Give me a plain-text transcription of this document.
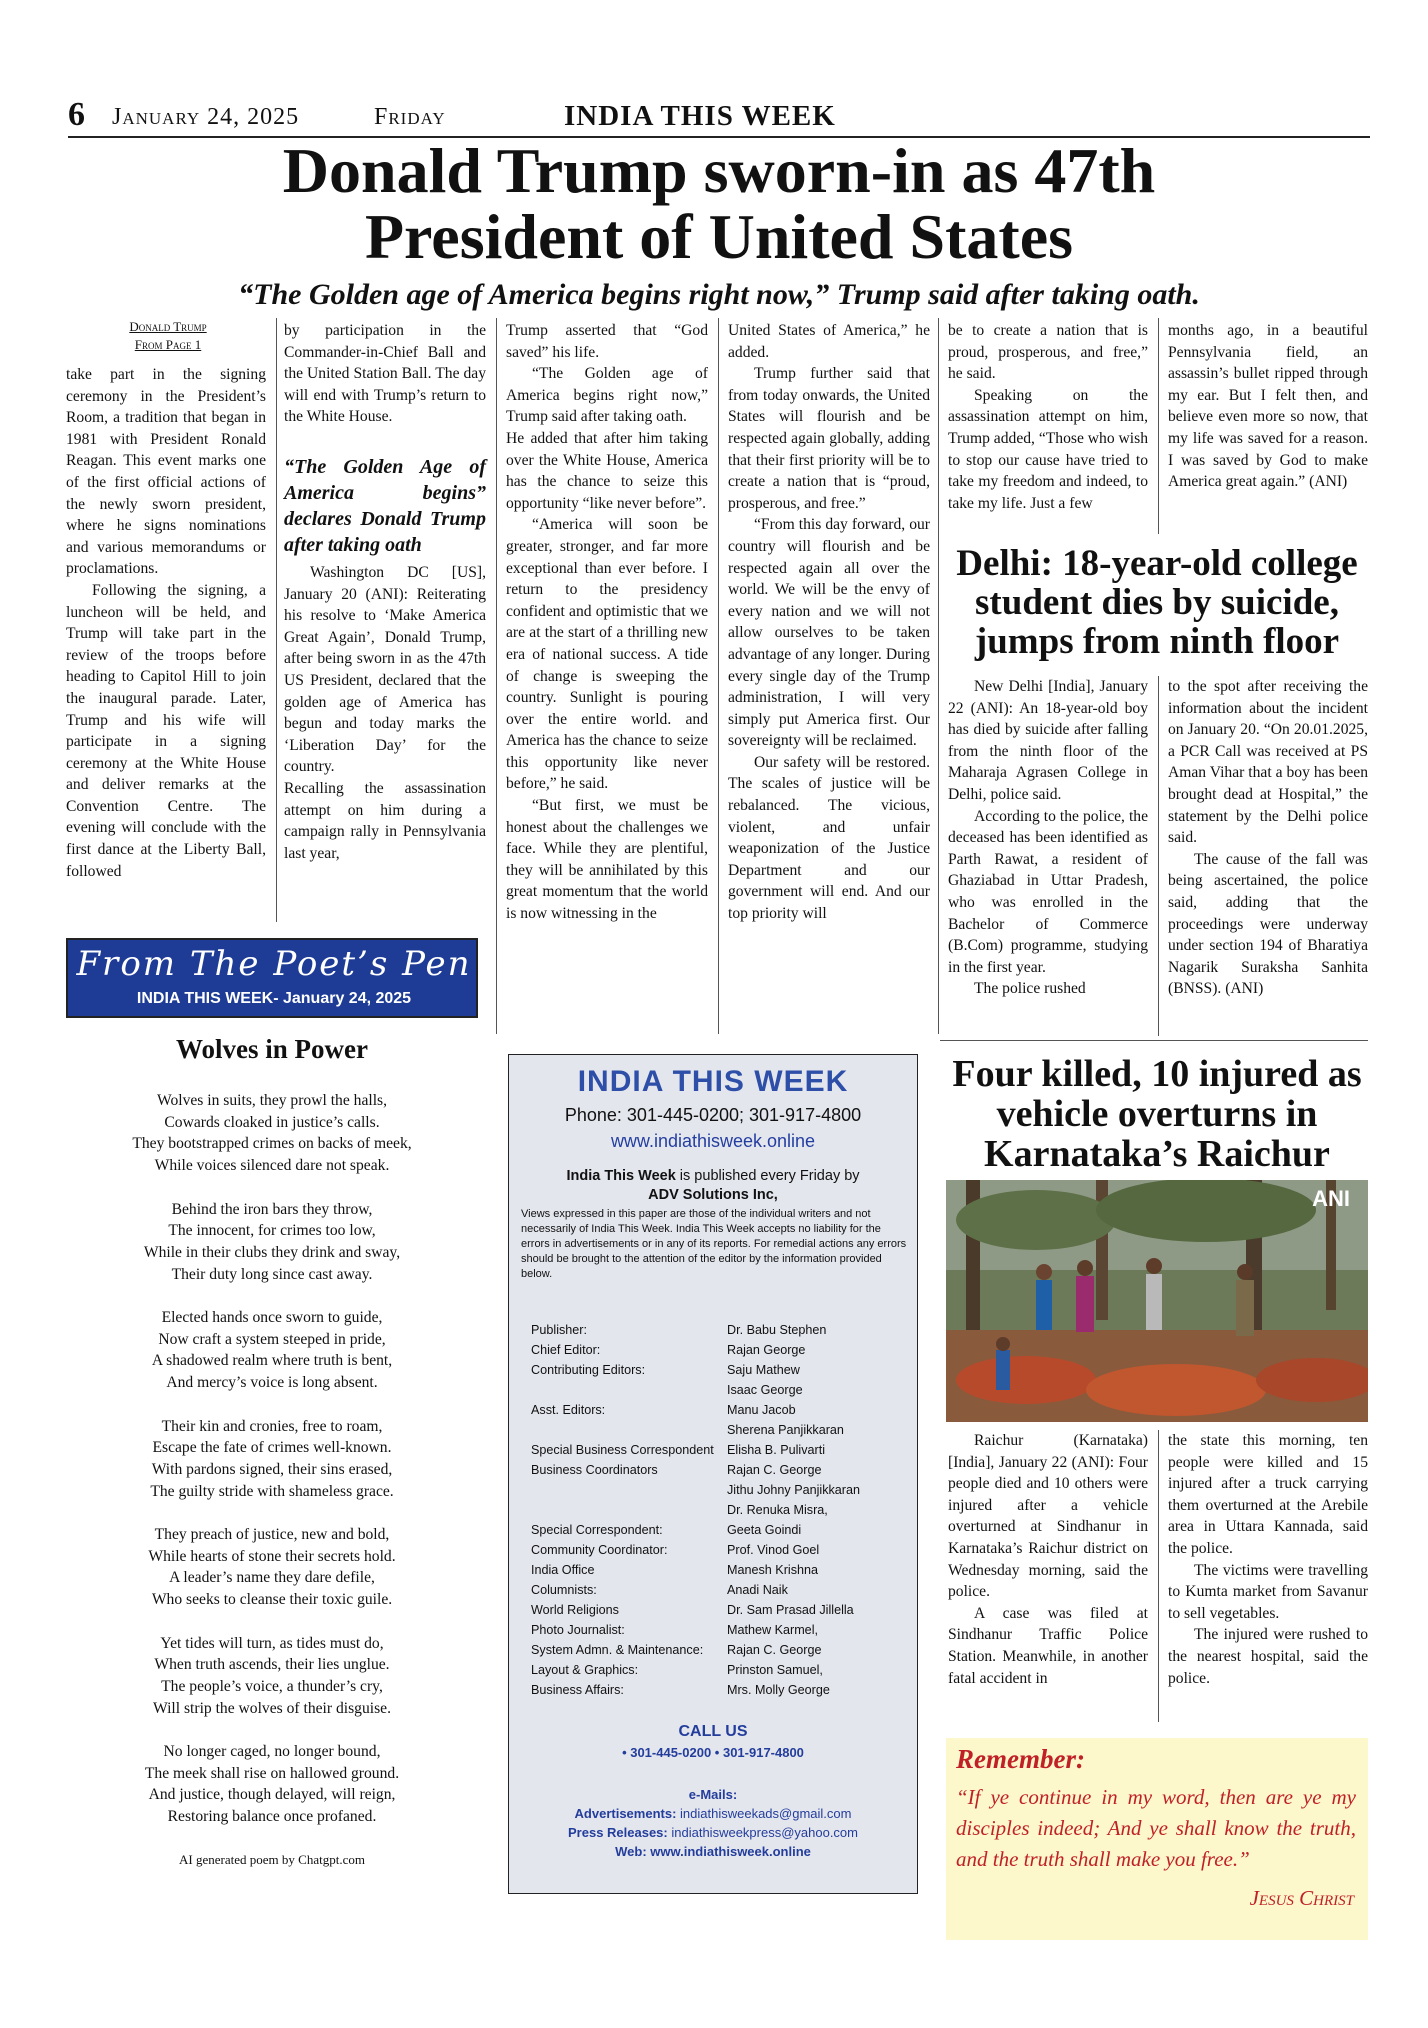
6 January 24, 2025	Friday	INDIA THIS WEEK
Donald Trump sworn-in as 47th
President of United States
“The Golden age of America begins right now,” Trump said after taking oath.
Donald Trump
From Page 1

take part in the signing ceremony in the President’s Room, a tradition that began in 1981 with President Ronald Reagan. This event marks one of the first official actions of the newly sworn president, where he signs nominations and various memorandums or proclamations.

Following the signing, a luncheon will be held, and Trump will take part in the review of the troops before heading to Capitol Hill to join the inaugural parade. Later, Trump and his wife will participate in a signing ceremony at the White House and deliver remarks at the Convention Centre. The evening will conclude with the first dance at the Liberty Ball, followed

by participation in the Commander-in-Chief Ball and the United Station Ball. The day will end with Trump’s return to the White House.

“The Golden Age of America begins” declares Donald Trump after taking oath

Washington DC [US], January 20 (ANI): Reiterating his resolve to ‘Make America Great Again’, Donald Trump, after being sworn in as the 47th US President, declared that the golden age of America has begun and today marks the ‘Liberation Day’ for the country.

Recalling the assassination attempt on him during a campaign rally in Pennsylvania last year,

Trump asserted that “God saved” his life.

“The Golden age of America begins right now,” Trump said after taking oath.

He added that after him taking over the White House, America has the chance to seize this opportunity “like never before”.

“America will soon be greater, stronger, and far more exceptional than ever before. I return to the presidency confident and optimistic that we are at the start of a thrilling new era of national success. A tide of change is sweeping the country. Sunlight is pouring over the entire world. and America has the chance to seize this opportunity like never before,” he said.

“But first, we must be honest about the challenges we face. While they are plentiful, they will be annihilated by this great momentum that the world is now witnessing in the

United States of America,” he added.

Trump further said that from today onwards, the United States will flourish and be respected again globally, adding that their first priority will be to create a nation that is “proud, prosperous, and free.”

“From this day forward, our country will flourish and be respected again all over the world. We will be the envy of every nation and we will not allow ourselves to be taken advantage of any longer. During every single day of the Trump administration, I will very simply put America first. Our sovereignty will be reclaimed.

Our safety will be restored. The scales of justice will be rebalanced. The vicious, violent, and unfair weaponization of the Justice Department and our government will end. And our top priority will

be to create a nation that is proud, prosperous, and free,” he said.

Speaking on the assassination attempt on him, Trump added, “Those who wish to stop our cause have tried to take my freedom and indeed, to take my life. Just a few

months ago, in a beautiful Pennsylvania field, an assassin’s bullet ripped through my ear. But I felt then, and believe even more so now, that my life was saved for a reason. I was saved by God to make America great again.” (ANI)

Delhi: 18-year-old college student dies by suicide, jumps from ninth floor

New Delhi [India], January 22 (ANI): An 18-year-old boy has died by suicide after falling from the ninth floor of the Maharaja Agrasen College in Delhi, police said.

According to the police, the deceased has been identified as Parth Rawat, a resident of Ghaziabad in Uttar Pradesh, who was enrolled in the Bachelor of Commerce (B.Com) programme, studying in the first year.

The police rushed

to the spot after receiving the information about the incident on January 20. “On 20.01.2025, a PCR Call was received at PS Aman Vihar that a boy has been brought dead at Hospital,” the statement by the Delhi police said.

The cause of the fall was being ascertained, the police said, adding that the proceedings were underway under section 194 of Bharatiya Nagarik Suraksha Sanhita (BNSS). (ANI)

From The Poet’s Pen
INDIA THIS WEEK- January 24, 2025
Wolves in Power
Wolves in suits, they prowl the halls,
Cowards cloaked in justice’s calls.
They bootstrapped crimes on backs of meek,
While voices silenced dare not speak.
Behind the iron bars they throw,
The innocent, for crimes too low,
While in their clubs they drink and sway,
Their duty long since cast away.
Elected hands once sworn to guide,
Now craft a system steeped in pride,
A shadowed realm where truth is bent,
And mercy’s voice is long absent.
Their kin and cronies, free to roam,
Escape the fate of crimes well-known.
With pardons signed, their sins erased,
The guilty stride with shameless grace.
They preach of justice, new and bold,
While hearts of stone their secrets hold.
A leader’s name they dare defile,
Who seeks to cleanse their toxic guile.
Yet tides will turn, as tides must do,
When truth ascends, their lies unglue.
The people’s voice, a thunder’s cry,
Will strip the wolves of their disguise.
No longer caged, no longer bound,
The meek shall rise on hallowed ground.
And justice, though delayed, will reign,
Restoring balance once profaned.
AI generated poem by Chatgpt.com
INDIA THIS WEEK
Phone: 301-445-0200; 301-917-4800
www.indiathisweek.online
India This Week is published every Friday by
ADV Solutions Inc,
Views expressed in this paper are those of the individual writers and not necessarily of India This Week. India This Week accepts no liability for the errors in advertisements or in any of its reports. For remedial actions any errors should be brought to the attention of the editor by the information provided below.
Publisher:	Dr. Babu Stephen
Chief Editor:	Rajan George
Contributing Editors:	Saju Mathew
Isaac George
Asst. Editors:	Manu Jacob
Sherena Panjikkaran
Special Business Correspondent Elisha B. Pulivarti
Business Coordinators	Rajan C. George
Jithu Johny Panjikkaran
Dr. Renuka Misra,
Special Correspondent:	Geeta Goindi
Community Coordinator:	Prof. Vinod Goel
India Office	Manesh Krishna
Columnists:	Anadi Naik
World Religions	Dr. Sam Prasad Jillella
Photo Journalist:	Mathew Karmel,
System Admn. & Maintenance: Rajan C. George
Layout & Graphics:	Prinston Samuel,
Business Affairs:	Mrs. Molly George
CALL US
• 301-445-0200 • 301-917-4800
e-Mails:
Advertisements: indiathisweekads@gmail.com
Press Releases: indiathisweekpress@yahoo.com
Web: www.indiathisweek.online
Four killed, 10 injured as vehicle overturns in Karnataka’s Raichur
ANI

Raichur (Karnataka) [India], January 22 (ANI): Four people died and 10 others were injured after a vehicle overturned at Sindhanur in Karnataka’s Raichur district on Wednesday morning, said the police.

A case was filed at Sindhanur Traffic Police Station. Meanwhile, in another fatal accident in

the state this morning, ten people were killed and 15 injured after a truck carrying them overturned at the Arebile area in Uttara Kannada, said the police.

The victims were travelling to Kumta market from Savanur to sell vegetables.

The injured were rushed to the nearest hospital, said the police.

Remember:
“If ye continue in my word, then are ye my disciples indeed; And ye shall know the truth, and the truth shall make you free.”
Jesus Christ
